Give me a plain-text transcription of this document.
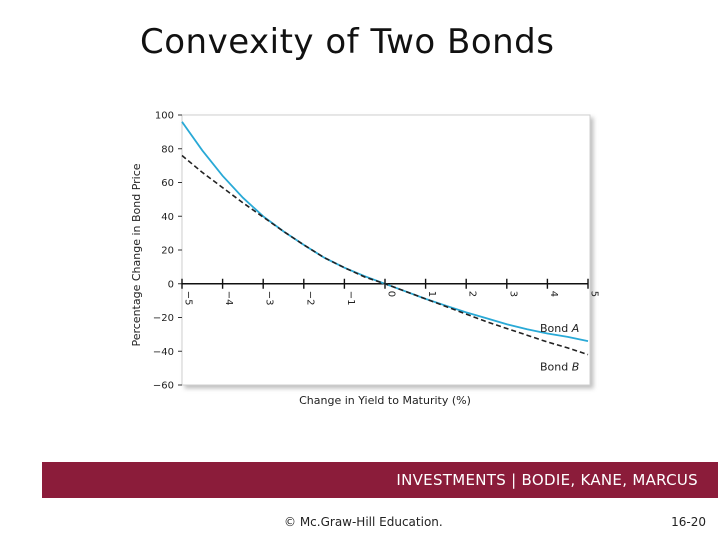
Convexity of Two Bonds
100
80
60
40
20
0
−20
−40
−60
−5	−4	−3	−2	−1	0	1	2	3	4	5
Percentage Change in Bond Price
Change in Yield to Maturity (%)
Bond A
Bond B
INVESTMENTS | BODIE, KANE, MARCUS
© Mc.Graw-Hill Education.	16-20
